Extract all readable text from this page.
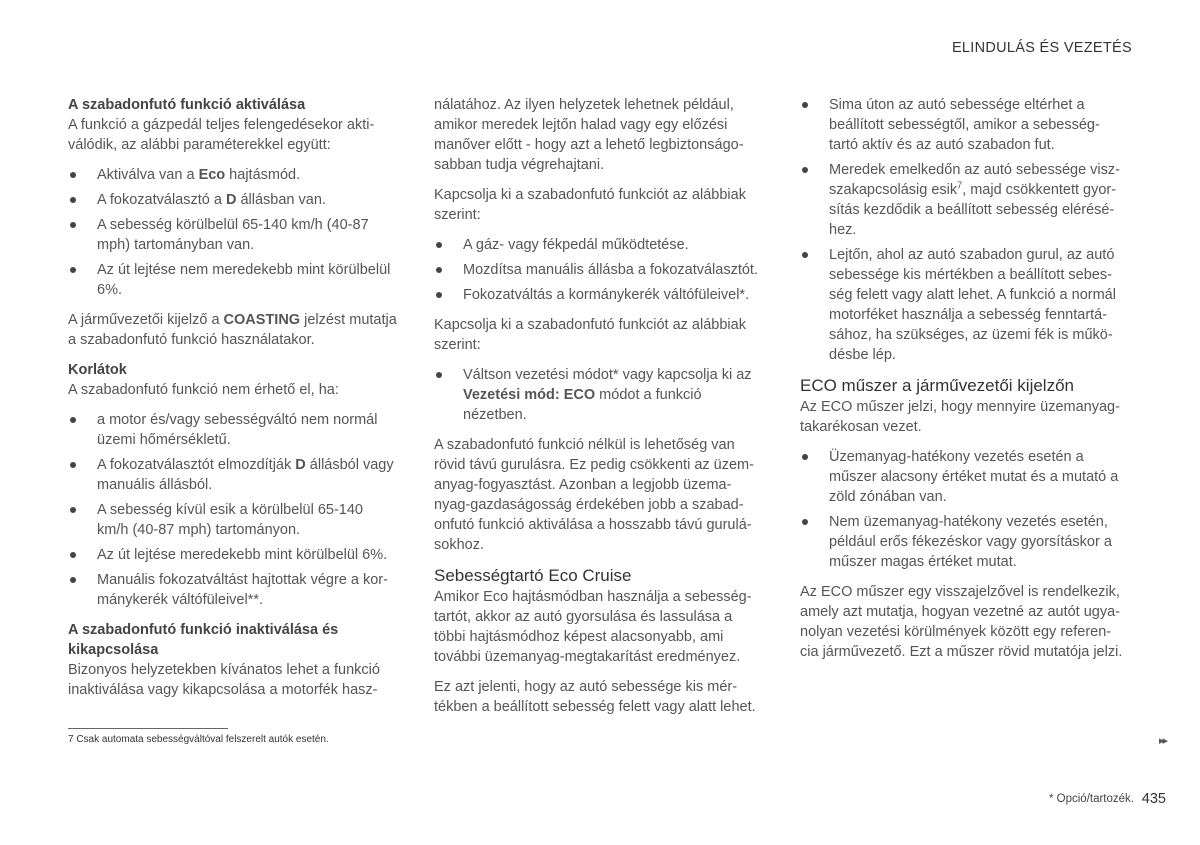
ELINDULÁS ÉS VEZETÉS
A szabadonfutó funkció aktiválása

A funkció a gázpedál teljes felengedésekor akti- válódik, az alábbi paraméterekkel együtt:

Aktiválva van a Eco hajtásmód.
A fokozatválasztó a D állásban van.
A sebesség körülbelül 65-140 km/h (40-87 mph) tartományban van.
Az út lejtése nem meredekebb mint körülbelül 6%.

A járművezetői kijelző a COASTING jelzést mutatja a szabadonfutó funkció használatakor.

Korlátok

A szabadonfutó funkció nem érhető el, ha:

a motor és/vagy sebességváltó nem normál üzemi hőmérsékletű.
A fokozatválasztót elmozdítják D állásból vagy manuális állásból.
A sebesség kívül esik a körülbelül 65-140 km/h (40-87 mph) tartományon.
Az út lejtése meredekebb mint körülbelül 6%.
Manuális fokozatváltást hajtottak végre a kor- mánykerék váltófüleivel**.
A szabadonfutó funkció inaktiválása és kikapcsolása

Bizonyos helyzetekben kívánatos lehet a funkció inaktiválása vagy kikapcsolása a motorfék hasz-

nálatához. Az ilyen helyzetek lehetnek például, amikor meredek lejtőn halad vagy egy előzési manőver előtt - hogy azt a lehető legbiztonságo- sabban tudja végrehajtani.

Kapcsolja ki a szabadonfutó funkciót az alábbiak szerint:

A gáz- vagy fékpedál működtetése.
Mozdítsa manuális állásba a fokozatválasztót.
Fokozatváltás a kormánykerék váltófüleivel*.

Kapcsolja ki a szabadonfutó funkciót az alábbiak szerint:

Váltson vezetési módot* vagy kapcsolja ki az Vezetési mód: ECO módot a funkció nézetben.

A szabadonfutó funkció nélkül is lehetőség van rövid távú gurulásra. Ez pedig csökkenti az üzem- anyag-fogyasztást. Azonban a legjobb üzema- nyag-gazdaságosság érdekében jobb a szabad- onfutó funkció aktiválása a hosszabb távú gurulá- sokhoz.

Sebességtartó Eco Cruise

Amikor Eco hajtásmódban használja a sebesség- tartót, akkor az autó gyorsulása és lassulása a többi hajtásmódhoz képest alacsonyabb, ami további üzemanyag-megtakarítást eredményez.

Ez azt jelenti, hogy az autó sebessége kis mér- tékben a beállított sebesség felett vagy alatt lehet.

Sima úton az autó sebessége eltérhet a beállított sebességtől, amikor a sebesség- tartó aktív és az autó szabadon fut.
Meredek emelkedőn az autó sebessége visz- szakapcsolásig esik$^7$, majd csökkentett gyor- sítás kezdődik a beállított sebesség elérésé- hez.
Lejtőn, ahol az autó szabadon gurul, az autó sebessége kis mértékben a beállított sebes- ség felett vagy alatt lehet. A funkció a normál motorféket használja a sebesség fenntartá- sához, ha szükséges, az üzemi fék is műkö- désbe lép.
ECO műszer a járművezetői kijelzőn

Az ECO műszer jelzi, hogy mennyire üzemanyag- takarékosan vezet.

Üzemanyag-hatékony vezetés esetén a műszer alacsony értéket mutat és a mutató a zöld zónában van.
Nem üzemanyag-hatékony vezetés esetén, például erős fékezéskor vagy gyorsításkor a műszer magas értéket mutat.

Az ECO műszer egy visszajelzővel is rendelkezik, amely azt mutatja, hogyan vezetné az autót ugya- nolyan vezetési körülmények között egy referen- cia járművezető. Ezt a műszer rövid mutatója jelzi.

7 Csak automata sebességváltóval felszerelt autók esetén.	▸▸
* Opció/tartozék. 435
